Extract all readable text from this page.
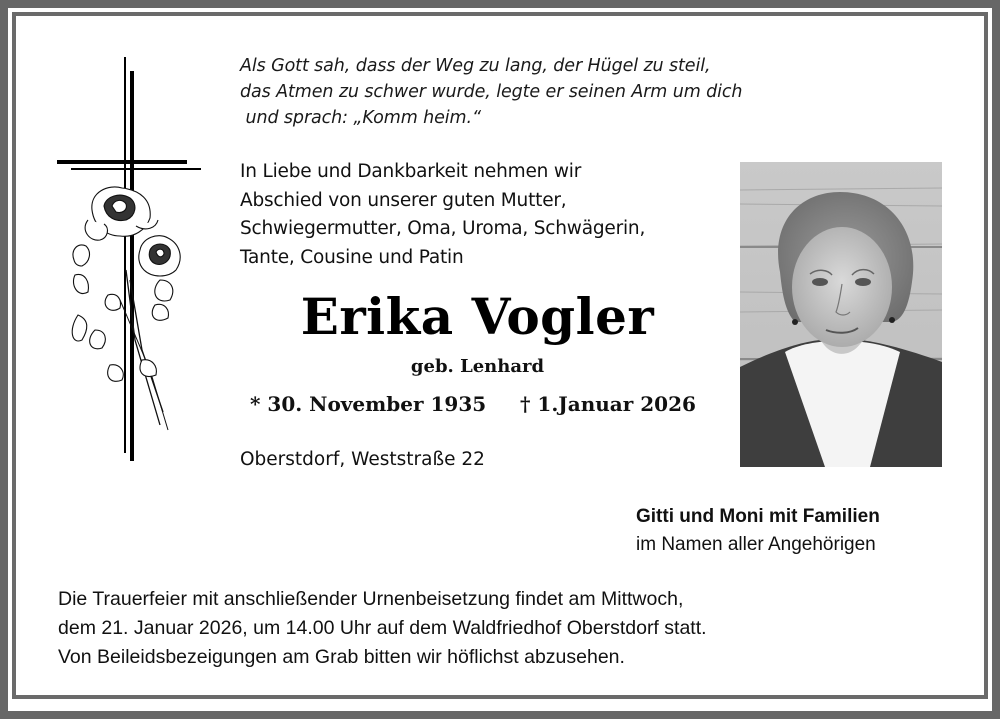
Als Gott sah, dass der Weg zu lang, der Hügel zu steil,
das Atmen zu schwer wurde, legte er seinen Arm um dich
und sprach: „Komm heim.“
In Liebe und Dankbarkeit nehmen wir
Abschied von unserer guten Mutter,
Schwiegermutter, Oma, Uroma, Schwägerin,
Tante, Cousine und Patin
Erika Vogler
geb. Lenhard
* 30. November 1935 † 1.Januar 2026
Oberstdorf, Weststraße 22
Gitti und Moni mit Familien
im Namen aller Angehörigen
Die Trauerfeier mit anschließender Urnenbeisetzung findet am Mittwoch,
dem 21. Januar 2026, um 14.00 Uhr auf dem Waldfriedhof Oberstdorf statt.
Von Beileidsbezeigungen am Grab bitten wir höflichst abzusehen.
